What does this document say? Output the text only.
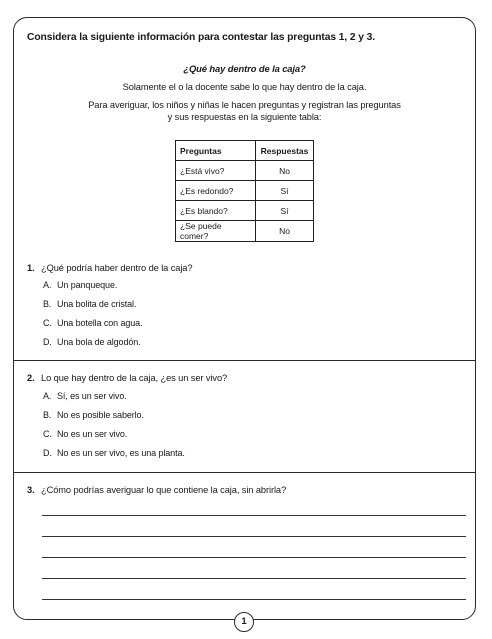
Considera la siguiente información para contestar las preguntas 1, 2 y 3.
¿Qué hay dentro de la caja?
Solamente el o la docente sabe lo que hay dentro de la caja.
Para averiguar, los niños y niñas le hacen preguntas y registran las preguntas
y sus respuestas en la siguiente tabla:
Preguntas	Respuestas
¿Está vivo?	No
¿Es redondo?	Sí
¿Es blando?	Sí
¿Se puede comer?	No
1. ¿Qué podría haber dentro de la caja?
A. Un panqueque.
B. Una bolita de cristal.
C. Una botella con agua.
D. Una bola de algodón.
2. Lo que hay dentro de la caja, ¿es un ser vivo?
A. Sí, es un ser vivo.
B. No es posible saberlo.
C. No es un ser vivo.
D. No es un ser vivo, es una planta.
3. ¿Cómo podrías averiguar lo que contiene la caja, sin abrirla?
1
